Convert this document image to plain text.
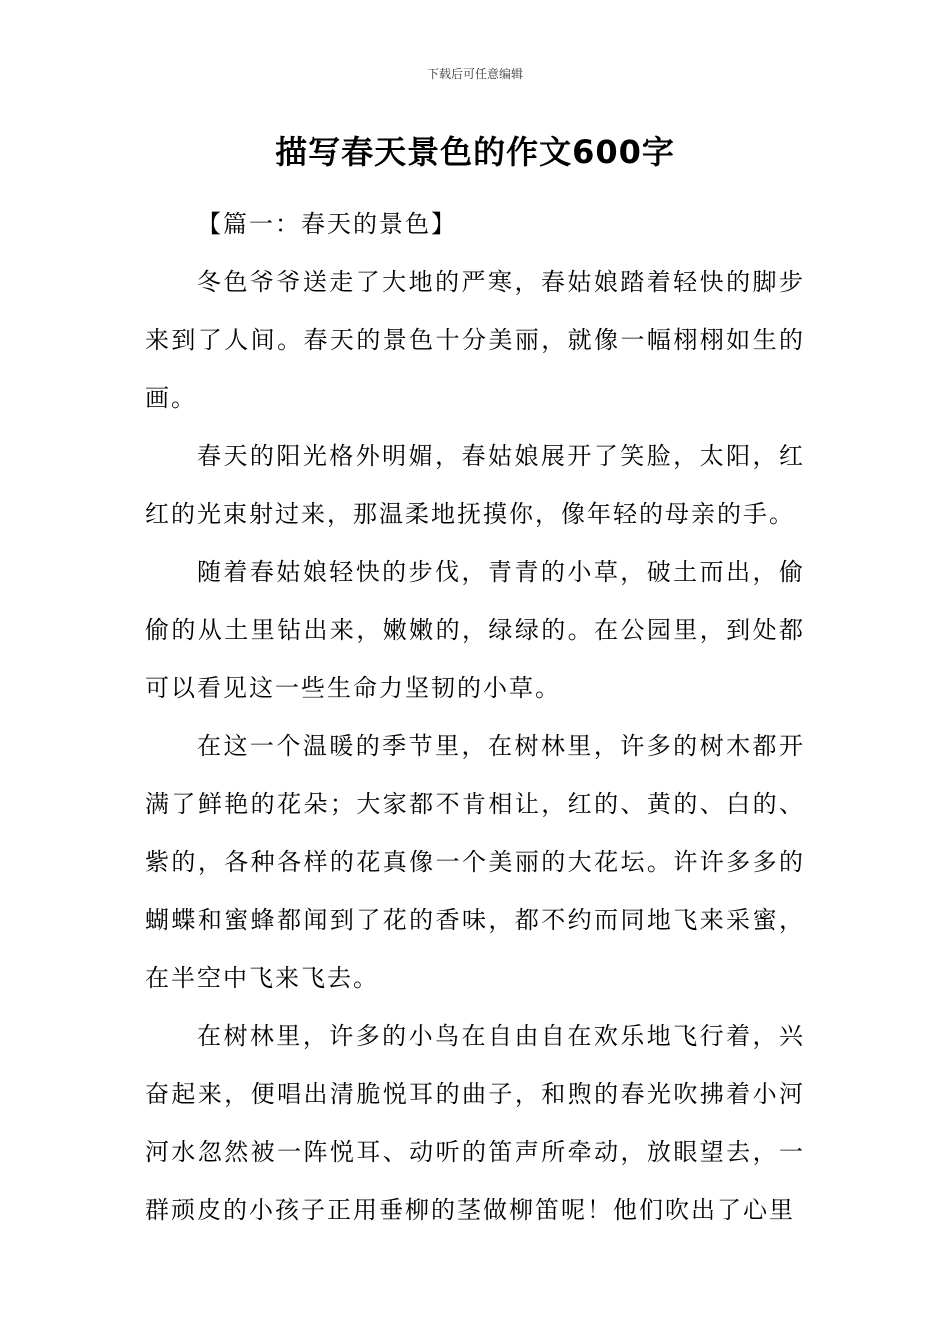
下载后可任意编辑
描写春天景色的作文600字

【篇一：春天的景色】

冬色爷爷送走了大地的严寒，春姑娘踏着轻快的脚步来到了人间。春天的景色十分美丽，就像一幅栩栩如生的画。

春天的阳光格外明媚，春姑娘展开了笑脸，太阳，红红的光束射过来，那温柔地抚摸你，像年轻的母亲的手。

随着春姑娘轻快的步伐，青青的小草，破土而出，偷偷的从土里钻出来，嫩嫩的，绿绿的。在公园里，到处都可以看见这一些生命力坚韧的小草。

在这一个温暖的季节里，在树林里，许多的树木都开满了鲜艳的花朵；大家都不肯相让，红的、黄的、白的、紫的，各种各样的花真像一个美丽的大花坛。许许多多的蝴蝶和蜜蜂都闻到了花的香味，都不约而同地飞来采蜜，在半空中飞来飞去。

在树林里，许多的小鸟在自由自在欢乐地飞行着，兴奋起来，便唱出清脆悦耳的曲子，和煦的春光吹拂着小河河水忽然被一阵悦耳、动听的笛声所牵动，放眼望去，一群顽皮的小孩子正用垂柳的茎做柳笛呢！他们吹出了心里
